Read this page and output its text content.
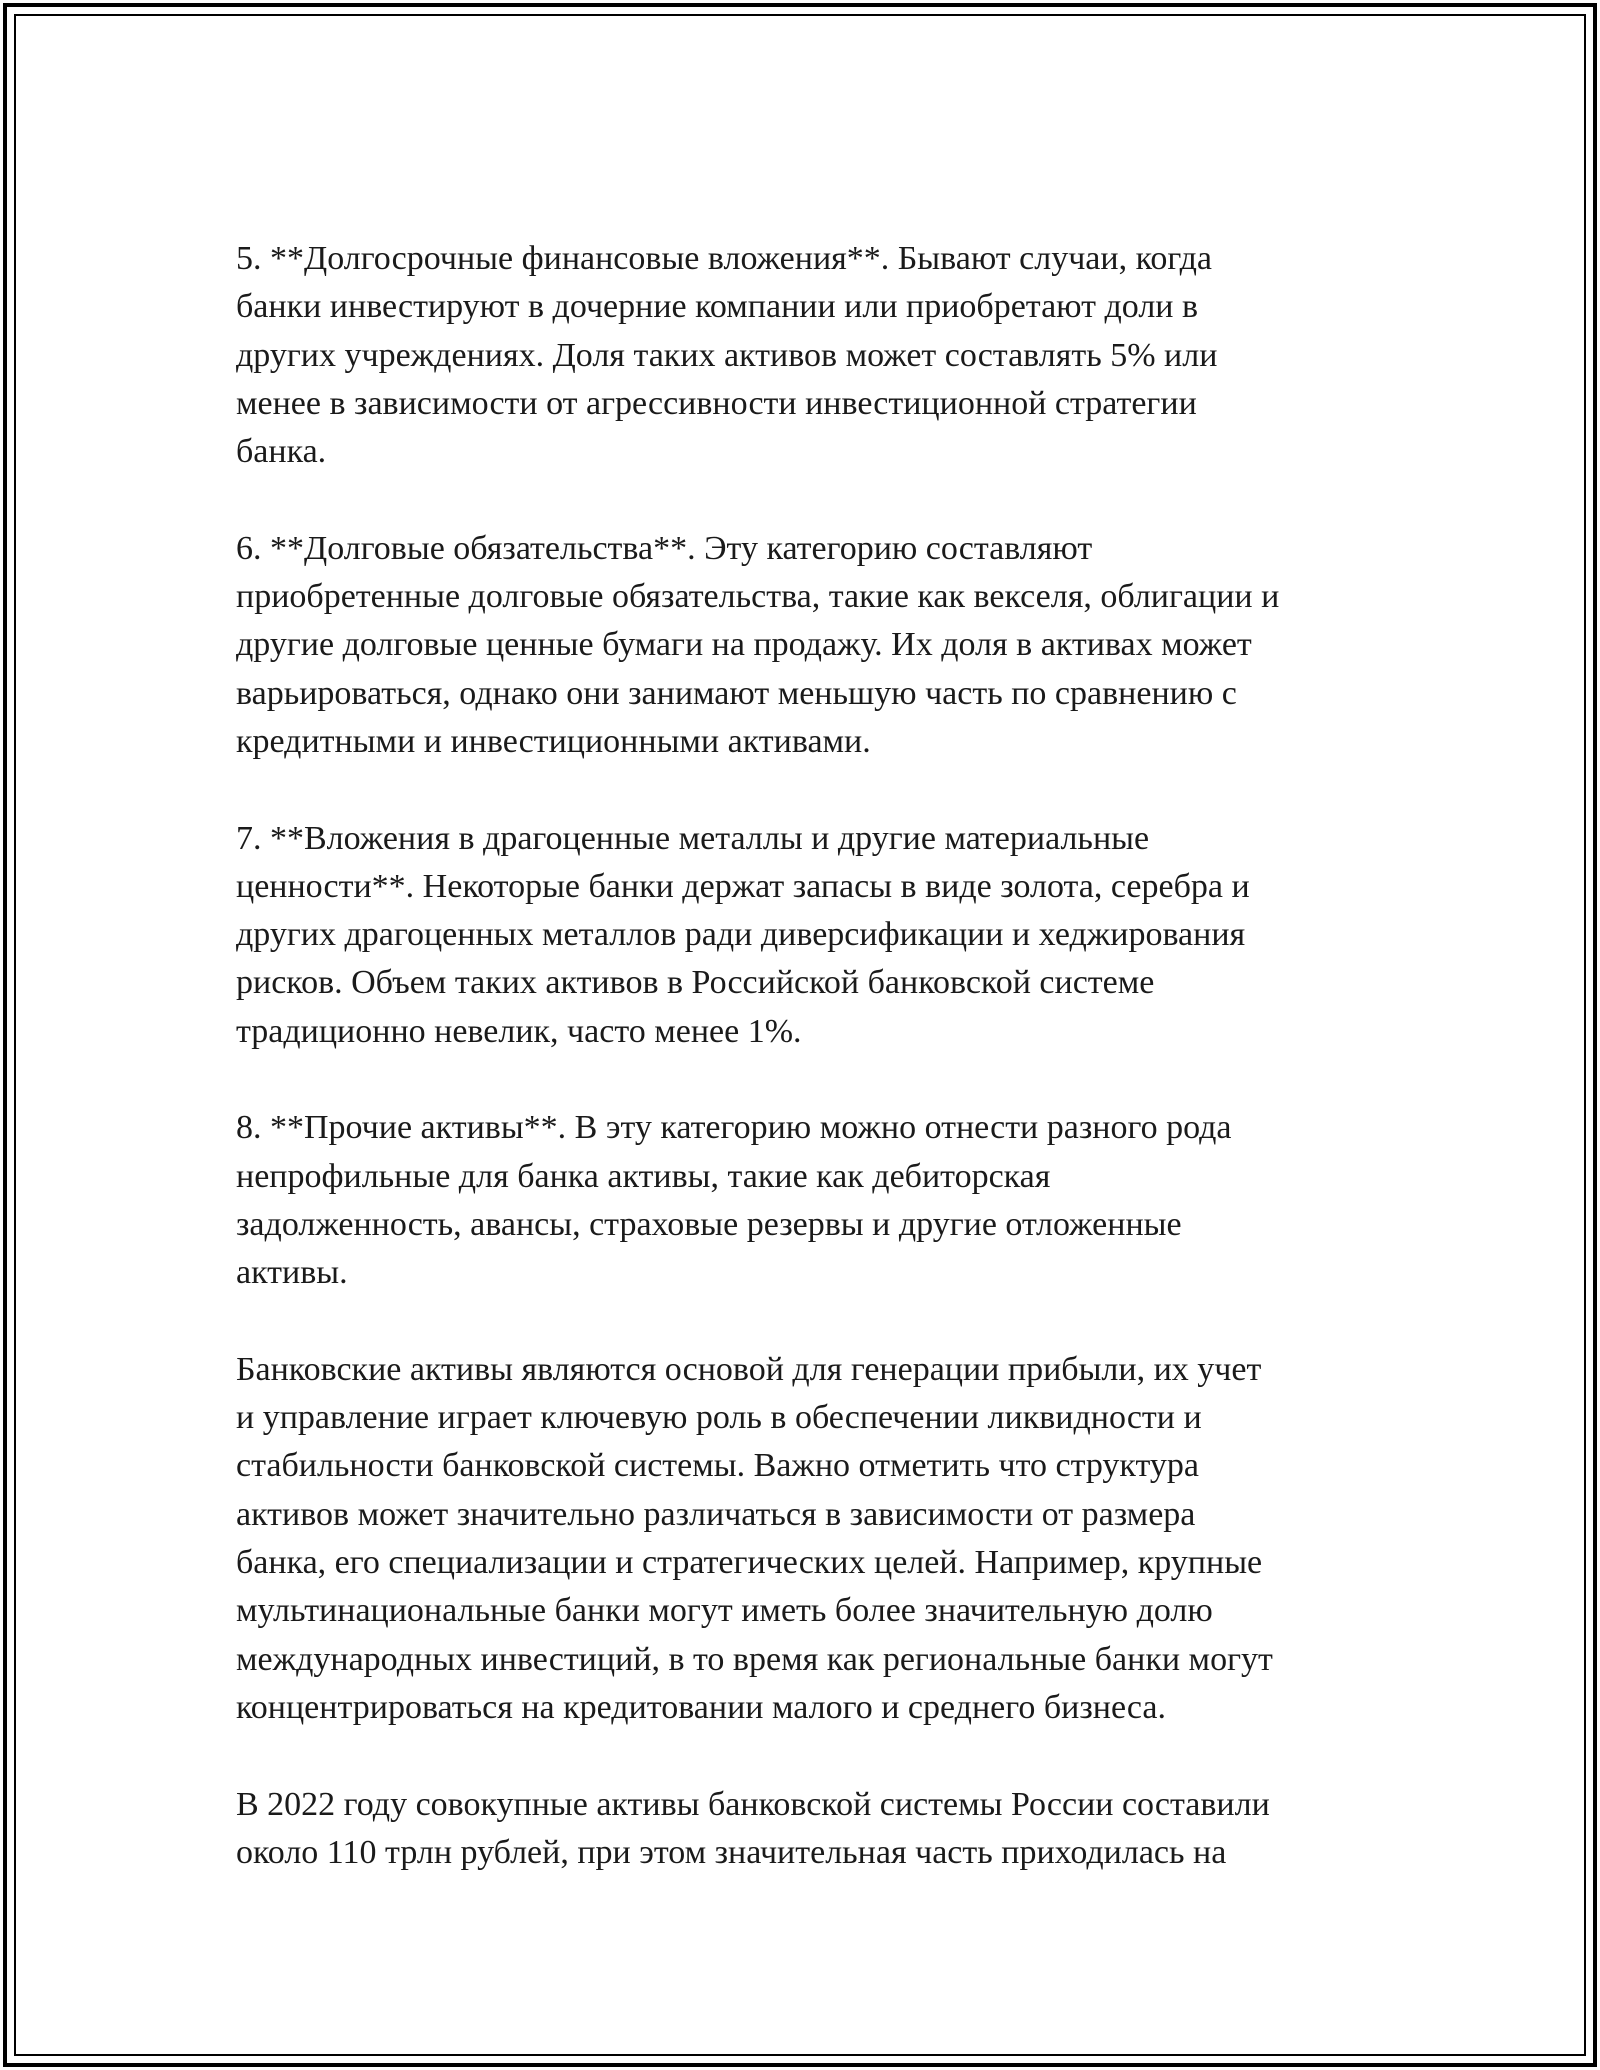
5. **Долгосрочные финансовые вложения**. Бывают случаи, когда
банки инвестируют в дочерние компании или приобретают доли в
других учреждениях. Доля таких активов может составлять 5% или
менее в зависимости от агрессивности инвестиционной стратегии
банка.

6. **Долговые обязательства**. Эту категорию составляют
приобретенные долговые обязательства, такие как векселя, облигации и
другие долговые ценные бумаги на продажу. Их доля в активах может
варьироваться, однако они занимают меньшую часть по сравнению с
кредитными и инвестиционными активами.

7. **Вложения в драгоценные металлы и другие материальные
ценности**. Некоторые банки держат запасы в виде золота, серебра и
других драгоценных металлов ради диверсификации и хеджирования
рисков. Объем таких активов в Российской банковской системе
традиционно невелик, часто менее 1%.

8. **Прочие активы**. В эту категорию можно отнести разного рода
непрофильные для банка активы, такие как дебиторская
задолженность, авансы, страховые резервы и другие отложенные
активы.

Банковские активы являются основой для генерации прибыли, их учет
и управление играет ключевую роль в обеспечении ликвидности и
стабильности банковской системы. Важно отметить что структура
активов может значительно различаться в зависимости от размера
банка, его специализации и стратегических целей. Например, крупные
мультинациональные банки могут иметь более значительную долю
международных инвестиций, в то время как региональные банки могут
концентрироваться на кредитовании малого и среднего бизнеса.

В 2022 году совокупные активы банковской системы России составили
около 110 трлн рублей, при этом значительная часть приходилась на
